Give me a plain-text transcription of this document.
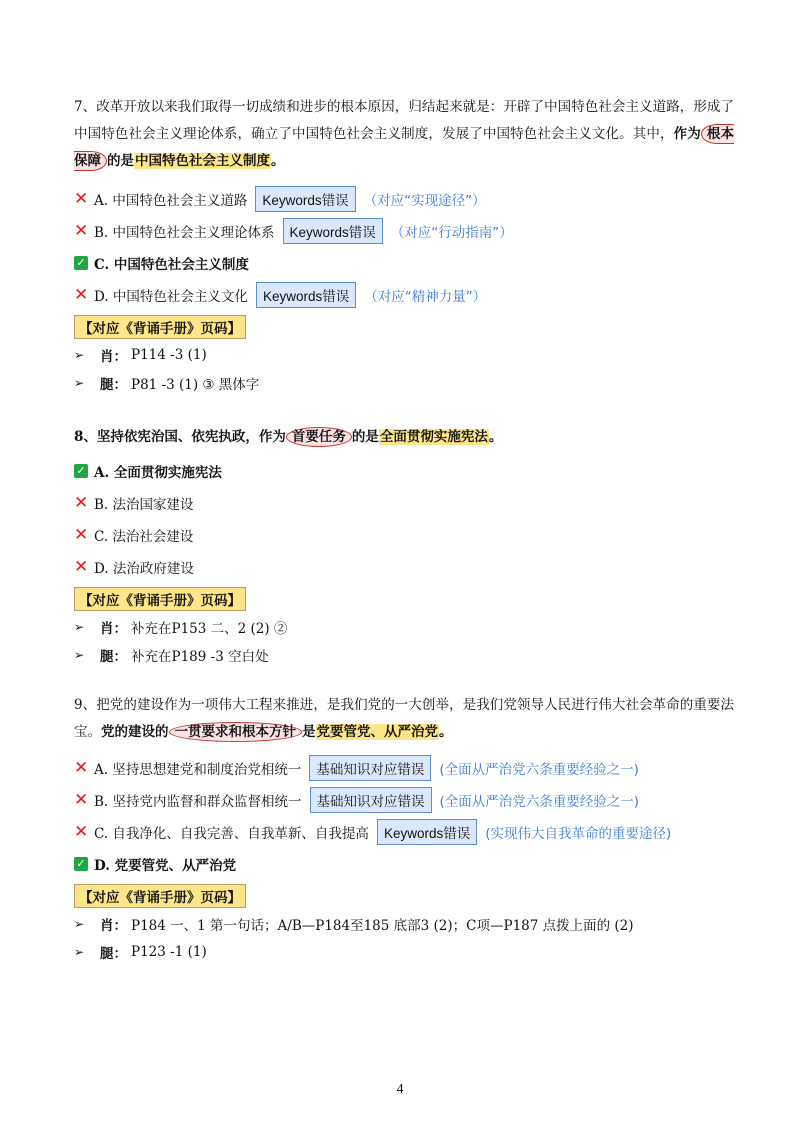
7、改革开放以来我们取得一切成绩和进步的根本原因，归结起来就是：开辟了中国特色社会主义道路，形成了中国特色社会主义理论体系，确立了中国特色社会主义制度，发展了中国特色社会主义文化。其中，作为 根本保障 的是中国特色社会主义制度。

✕ A. 中国特色社会主义道路	Keywords错误	（对应“实现途径”）
✕ B. 中国特色社会主义理论体系	Keywords错误	（对应“行动指南”）
✓ C. 中国特色社会主义制度
✕ D. 中国特色社会主义文化	Keywords错误	（对应“精神力量”）
【对应《背诵手册》页码】
➢	肖： P114 -3 (1)
➢	腿： P81 -3 (1) ③ 黑体字

8、坚持依宪治国、依宪执政，作为 首要任务 的是全面贯彻实施宪法。

✓ A. 全面贯彻实施宪法
✕ B. 法治国家建设
✕ C. 法治社会建设
✕ D. 法治政府建设
【对应《背诵手册》页码】
➢	肖： 补充在P153 二、2 (2) ②
➢	腿： 补充在P189 -3 空白处

9、把党的建设作为一项伟大工程来推进，是我们党的一大创举，是我们党领导人民进行伟大社会革命的重要法宝。党的建设的 一贯要求和根本方针 是党要管党、从严治党。

✕ A. 坚持思想建党和制度治党相统一	基础知识对应错误	(全面从严治党六条重要经验之一)
✕ B. 坚持党内监督和群众监督相统一	基础知识对应错误	(全面从严治党六条重要经验之一)
✕ C. 自我净化、自我完善、自我革新、自我提高	Keywords错误	(实现伟大自我革命的重要途径)
✓ D. 党要管党、从严治党
【对应《背诵手册》页码】
➢	肖： P184 一、1 第一句话；A/B—P184至185 底部3 (2)；C项—P187 点拨上面的 (2)
➢	腿： P123 -1 (1)
4
